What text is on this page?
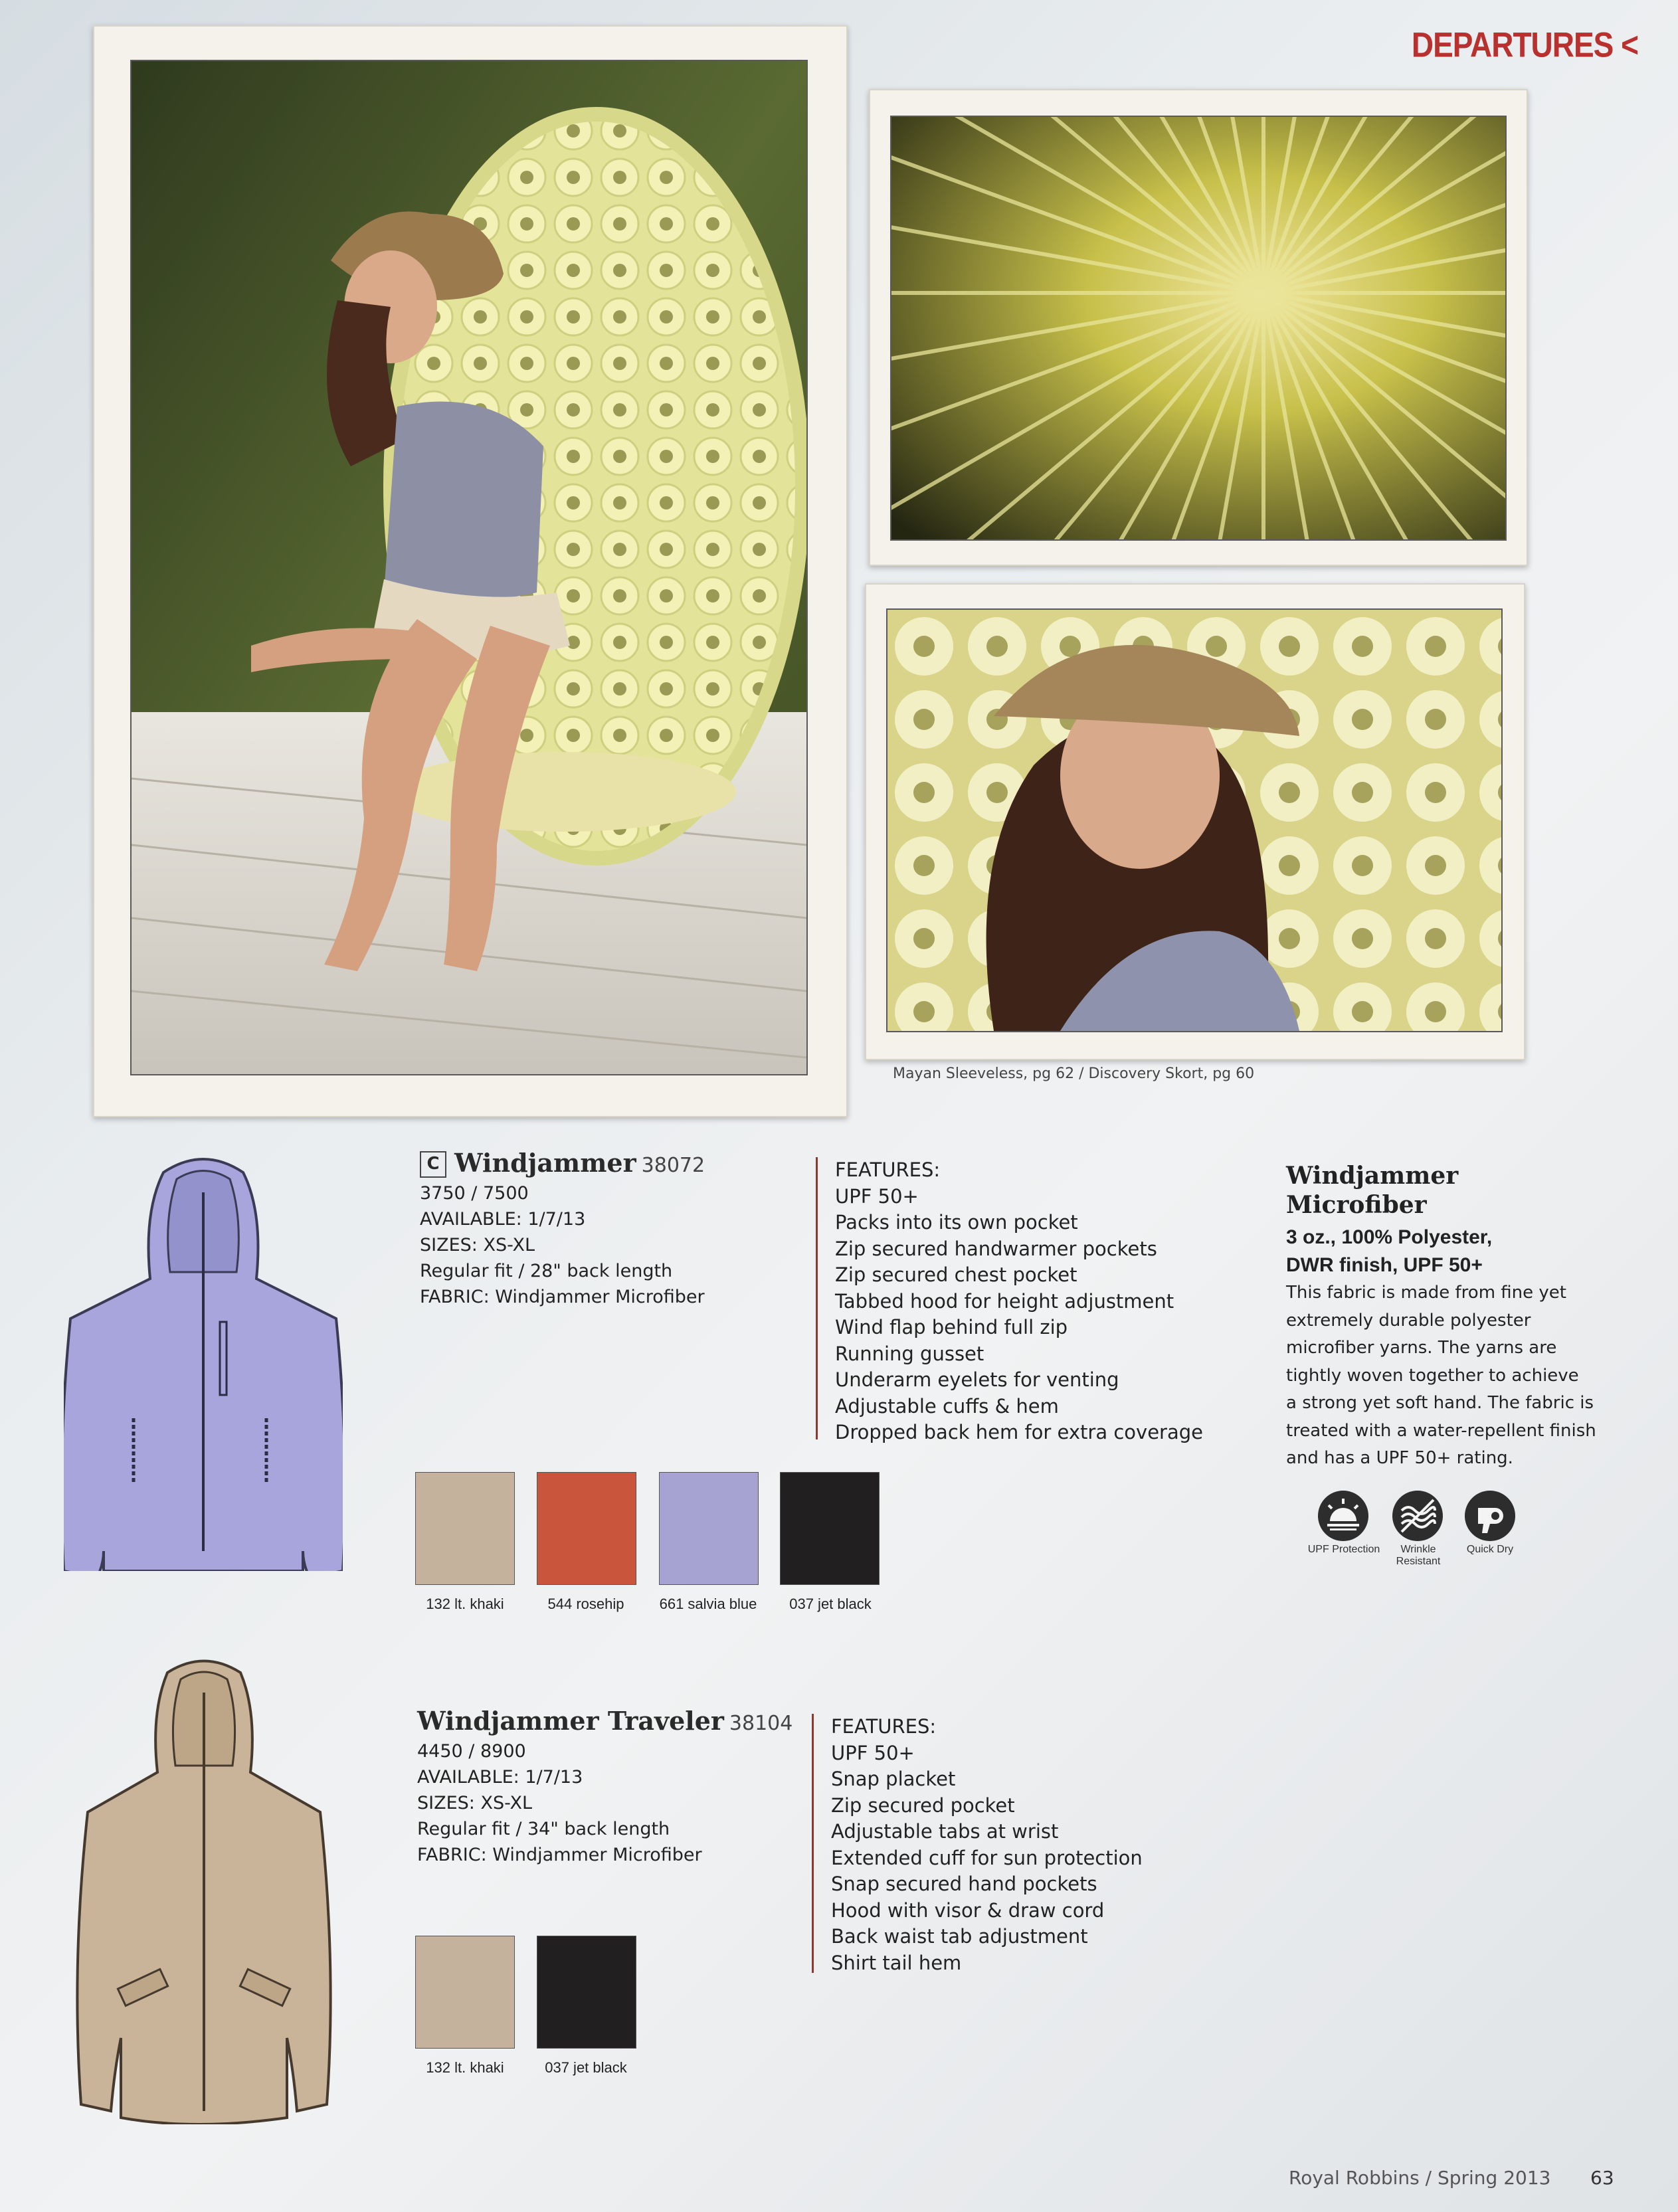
DEPARTURES <
Mayan Sleeveless, pg 62 / Discovery Skort, pg 60
C Windjammer 38072
3750 / 7500
AVAILABLE: 1/7/13
SIZES: XS-XL
Regular fit / 28" back length
FABRIC: Windjammer Microfiber
FEATURES:
UPF 50+
Packs into its own pocket
Zip secured handwarmer pockets
Zip secured chest pocket
Tabbed hood for height adjustment
Wind flap behind full zip
Running gusset
Underarm eyelets for venting
Adjustable cuffs & hem
Dropped back hem for extra coverage
132 lt. khaki	544 rosehip	661 salvia blue	037 jet black
Windjammer
Microfiber
3 oz., 100% Polyester,
DWR finish, UPF 50+
This fabric is made from fine yet
extremely durable polyester
microfiber yarns. The yarns are
tightly woven together to achieve
a strong yet soft hand. The fabric is
treated with a water-repellent finish
and has a UPF 50+ rating.
UPF Protection	Wrinkle
Resistant
Quick Dry
Windjammer Traveler 38104
4450 / 8900
AVAILABLE: 1/7/13
SIZES: XS-XL
Regular fit / 34" back length
FABRIC: Windjammer Microfiber
FEATURES:
UPF 50+
Snap placket
Zip secured pocket
Adjustable tabs at wrist
Extended cuff for sun protection
Snap secured hand pockets
Hood with visor & draw cord
Back waist tab adjustment
Shirt tail hem
132 lt. khaki	037 jet black
Royal Robbins / Spring 2013 63
